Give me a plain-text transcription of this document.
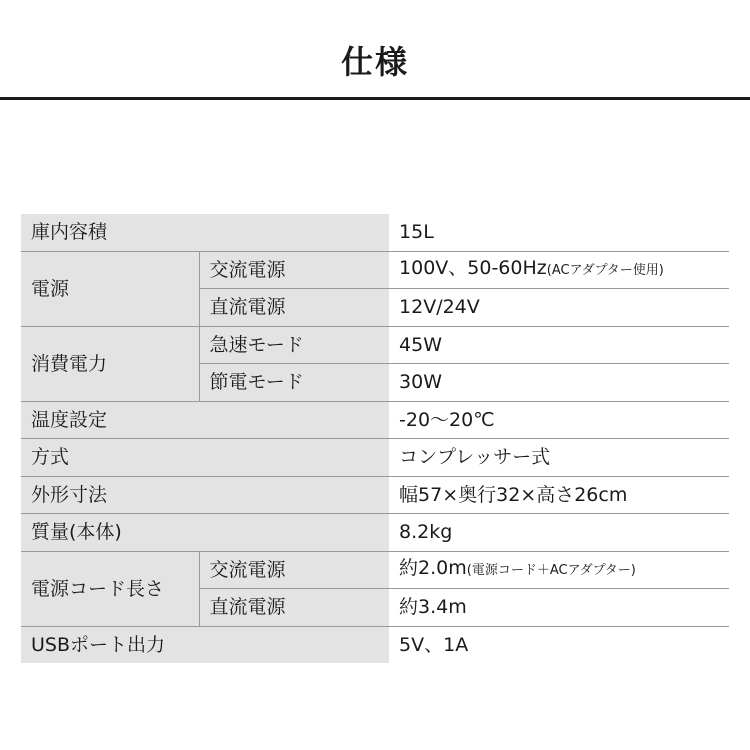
仕様
庫内容積		15L
電源	交流電源	100V、50-60Hz(ACアダプター使用)
	直流電源	12V/24V
消費電力	急速モード	45W
	節電モード	30W
温度設定		-20〜20℃
方式		コンプレッサー式
外形寸法		幅57×奥行32×高さ26cm
質量(本体)		8.2kg
電源コード長さ	交流電源	約2.0m(電源コード＋ACアダプター)
	直流電源	約3.4m
USBポート出力		5V、1A
